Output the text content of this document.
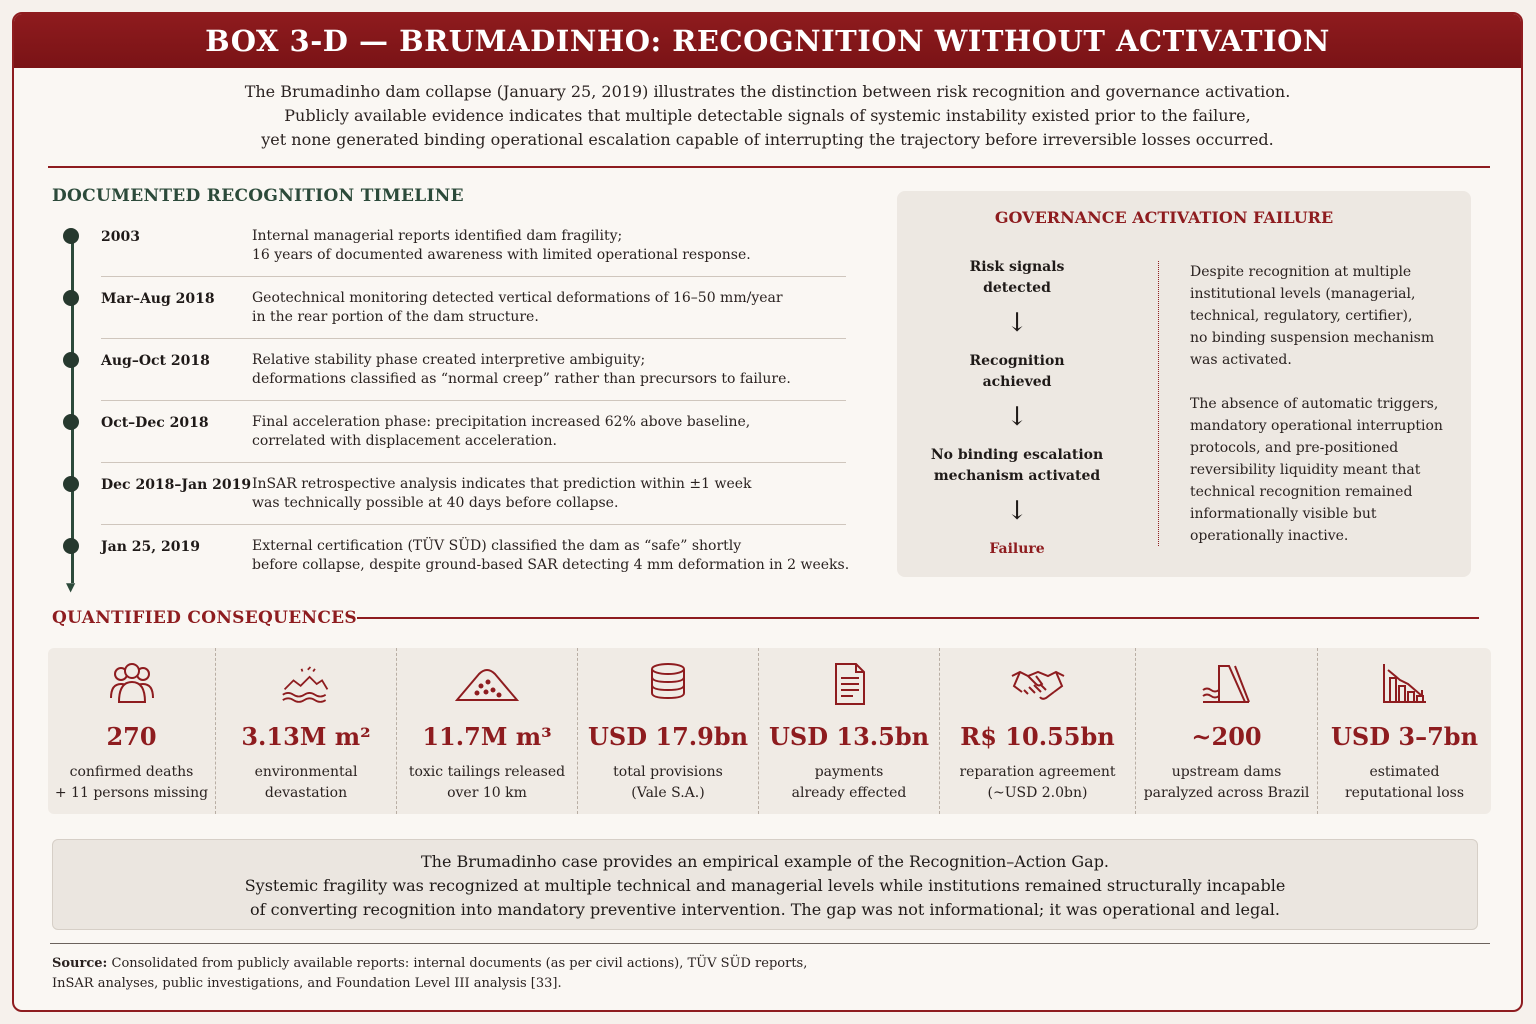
BOX 3-D — BRUMADINHO: RECOGNITION WITHOUT ACTIVATION
The Brumadinho dam collapse (January 25, 2019) illustrates the distinction between risk recognition and governance activation.
Publicly available evidence indicates that multiple detectable signals of systemic instability existed prior to the failure,
yet none generated binding operational escalation capable of interrupting the trajectory before irreversible losses occurred.
DOCUMENTED RECOGNITION TIMELINE
▼
2003	Internal managerial reports identified dam fragility;
16 years of documented awareness with limited operational response.
Mar–Aug 2018	Geotechnical monitoring detected vertical deformations of 16–50 mm/year
in the rear portion of the dam structure.
Aug–Oct 2018	Relative stability phase created interpretive ambiguity;
deformations classified as “normal creep” rather than precursors to failure.
Oct–Dec 2018	Final acceleration phase: precipitation increased 62% above baseline,
correlated with displacement acceleration.
Dec 2018–Jan 2019 InSAR retrospective analysis indicates that prediction within ±1 week
was technically possible at 40 days before collapse.
Jan 25, 2019	External certification (TÜV SÜD) classified the dam as “safe” shortly
before collapse, despite ground-based SAR detecting 4 mm deformation in 2 weeks.
GOVERNANCE ACTIVATION FAILURE
Risk signals
detected
↓
Recognition
achieved
↓
No binding escalation
mechanism activated
↓
Failure
Despite recognition at multiple
institutional levels (managerial,
technical, regulatory, certifier),
no binding suspension mechanism
was activated.
The absence of automatic triggers,
mandatory operational interruption
protocols, and pre-positioned
reversibility liquidity meant that
technical recognition remained
informationally visible but
operationally inactive.
QUANTIFIED CONSEQUENCES
270
confirmed deaths
+ 11 persons missing
3.13M m²
environmental
devastation
11.7M m³
toxic tailings released
over 10 km
USD 17.9bn
total provisions
(Vale S.A.)
USD 13.5bn
payments
already effected
R$ 10.55bn
reparation agreement
(~USD 2.0bn)
~200
upstream dams
paralyzed across Brazil
USD 3–7bn
estimated
reputational loss
The Brumadinho case provides an empirical example of the Recognition–Action Gap.
Systemic fragility was recognized at multiple technical and managerial levels while institutions remained structurally incapable
of converting recognition into mandatory preventive intervention. The gap was not informational; it was operational and legal.
Source: Consolidated from publicly available reports: internal documents (as per civil actions), TÜV SÜD reports,
InSAR analyses, public investigations, and Foundation Level III analysis [33].
